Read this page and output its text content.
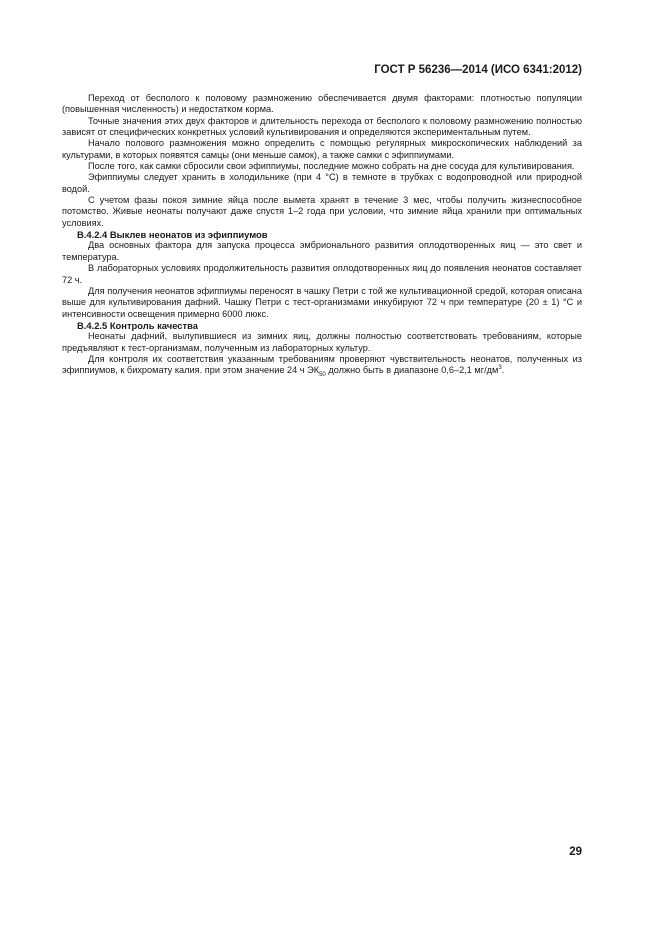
ГОСТ Р 56236—2014 (ИСО 6341:2012)

Переход от бесполого к половому размножению обеспечивается двумя факторами: плотностью популяции (повышенная численность) и недостатком корма.

Точные значения этих двух факторов и длительность перехода от бесполого к половому размножению полностью зависят от специфических конкретных условий культивирования и определяются экспериментальным путем.

Начало полового размножения можно определить с помощью регулярных микроскопических наблюдений за культурами, в которых появятся самцы (они меньше самок), а также самки с эфиппиумами.

После того, как самки сбросили свои эфиппиумы, последние можно собрать на дне сосуда для культивирования.

Эфиппиумы следует хранить в холодильнике (при 4 °С) в темноте в трубках с водопроводной или природной водой.

С учетом фазы покоя зимние яйца после вымета хранят в течение 3 мес, чтобы получить жизнеспособное потомство. Живые неонаты получают даже спустя 1–2 года при условии, что зимние яйца хранили при оптимальных условиях.

В.4.2.4 Выклев неонатов из эфиппиумов

Два основных фактора для запуска процесса эмбрионального развития оплодотворенных яиц — это свет и температура.

В лабораторных условиях продолжительность развития оплодотворенных яиц до появления неонатов составляет 72 ч.

Для получения неонатов эфиппиумы переносят в чашку Петри с той же культивационной средой, которая описана выше для культивирования дафний. Чашку Петри с тест-организмами инкубируют 72 ч при температуре (20 ± 1) °С и интенсивности освещения примерно 6000 люкс.

В.4.2.5 Контроль качества

Неонаты дафний, вылупившиеся из зимних яиц, должны полностью соответствовать требованиям, которые предъявляют к тест-организмам, полученным из лабораторных культур.

Для контроля их соответствия указанным требованиям проверяют чувствительность неонатов, полученных из эфиппиумов, к бихромату калия. при этом значение 24 ч $ЭК_{50}$ должно быть в диапазоне 0,6–2,1 $мг/дм^3$.

29
